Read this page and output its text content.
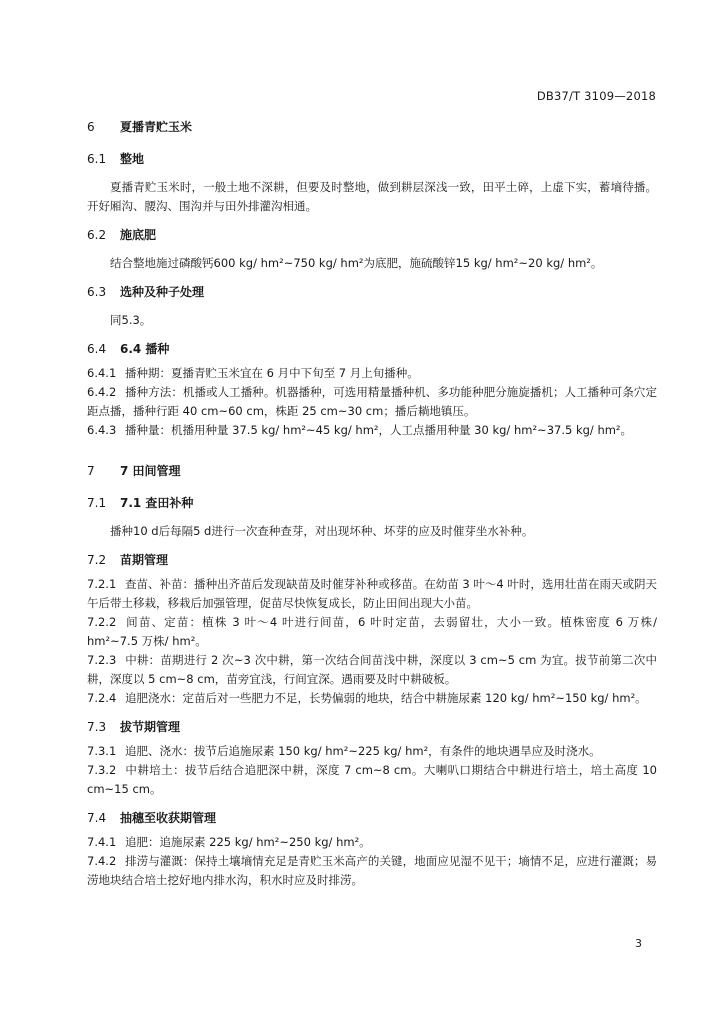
DB37/T 3109—2018
6 夏播青贮玉米
6.1 整地
夏播青贮玉米时，一般土地不深耕，但要及时整地，做到耕层深浅一致，田平土碎，上虚下实，蓄墒待播。开好厢沟、腰沟、围沟并与田外排灌沟相通。
6.2 施底肥
结合整地施过磷酸钙600 kg/ hm²~750 kg/ hm²为底肥，施硫酸锌15 kg/ hm²~20 kg/ hm²。
6.3 选种及种子处理
同5.3。
6.4 6.4 播种
6.4.1 播种期：夏播青贮玉米宜在 6 月中下旬至 7 月上旬播种。
6.4.2 播种方法：机播或人工播种。机器播种，可选用精量播种机、多功能种肥分施旋播机；人工播种可条穴定距点播，播种行距 40 cm~60 cm，株距 25 cm~30 cm；播后耥地镇压。
6.4.3 播种量：机播用种量 37.5 kg/ hm²~45 kg/ hm²，人工点播用种量 30 kg/ hm²~37.5 kg/ hm²。
7 7 田间管理
7.1 7.1 查田补种
播种10 d后每隔5 d进行一次查种查芽，对出现坏种、坏芽的应及时催芽坐水补种。
7.2 苗期管理
7.2.1 查苗、补苗：播种出齐苗后发现缺苗及时催芽补种或移苗。在幼苗 3 叶～4 叶时，选用壮苗在雨天或阴天午后带土移栽，移栽后加强管理，促苗尽快恢复成长，防止田间出现大小苗。
7.2.2 间苗、定苗：植株 3 叶～4 叶进行间苗，6 叶时定苗，去弱留壮，大小一致。植株密度 6 万株/ hm²~7.5 万株/ hm²。
7.2.3 中耕：苗期进行 2 次~3 次中耕，第一次结合间苗浅中耕，深度以 3 cm~5 cm 为宜。拔节前第二次中耕，深度以 5 cm~8 cm，苗旁宜浅，行间宜深。遇雨要及时中耕破板。
7.2.4 追肥浇水：定苗后对一些肥力不足，长势偏弱的地块，结合中耕施尿素 120 kg/ hm²~150 kg/ hm²。
7.3 拔节期管理
7.3.1 追肥、浇水：拔节后追施尿素 150 kg/ hm²~225 kg/ hm²，有条件的地块遇旱应及时浇水。
7.3.2 中耕培土：拔节后结合追肥深中耕，深度 7 cm~8 cm。大喇叭口期结合中耕进行培土，培土高度 10 cm~15 cm。
7.4 抽穗至收获期管理
7.4.1 追肥：追施尿素 225 kg/ hm²~250 kg/ hm²。
7.4.2 排涝与灌溉：保持土壤墒情充足是青贮玉米高产的关键，地面应见湿不见干；墒情不足，应进行灌溉；易涝地块结合培土挖好地内排水沟，积水时应及时排涝。
3
